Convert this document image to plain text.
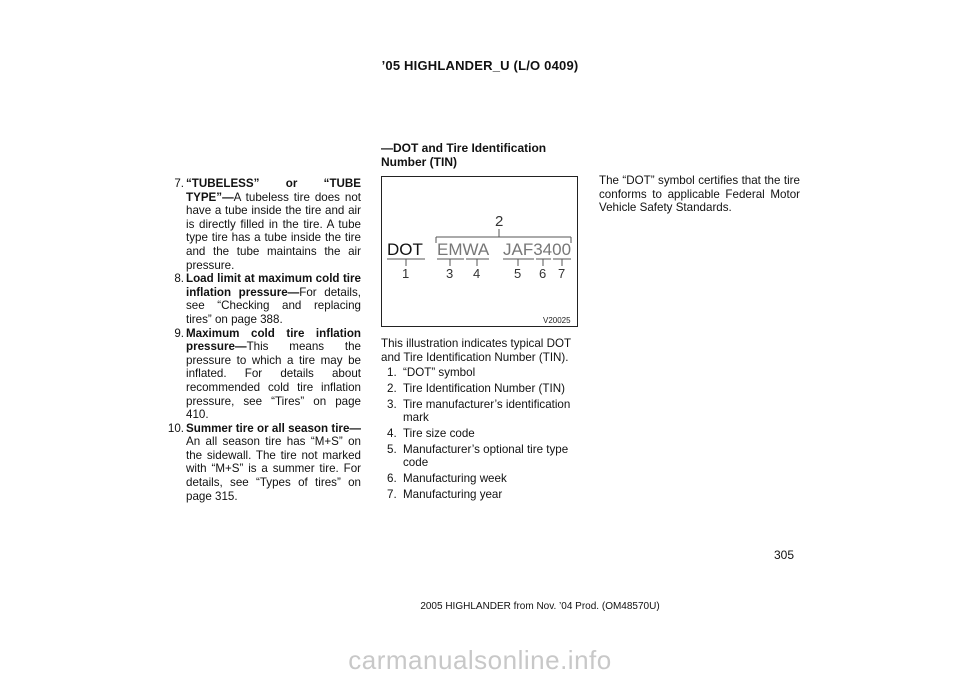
’05 HIGHLANDER_U (L/O 0409)
7. “TUBELESS” or “TUBE TYPE”—A tubeless tire does not have a tube inside the tire and air is directly filled in the tire. A tube type tire has a tube inside the tire and the tube maintains the air pressure.
8. Load limit at maximum cold tire inflation pressure—For details, see “Checking and replacing tires” on page 388.
9. Maximum cold tire inflation pressure—This means the pressure to which a tire may be inflated. For details about recommended cold tire inflation pressure, see “Tires” on page 410.
10. Summer tire or all season tire—An all season tire has “M+S” on the sidewall. The tire not marked with “M+S” is a summer tire. For details, see “Types of tires” on page 315.
—DOT and Tire Identification Number (TIN)
2
DOT EMWA JAF3400
1	3 4	5 6 7
V20025
This illustration indicates typical DOT and Tire Identification Number (TIN).
1. “DOT” symbol
2. Tire Identification Number (TIN)
3. Tire manufacturer’s identification mark
4. Tire size code
5. Manufacturer’s optional tire type code
6. Manufacturing week
7. Manufacturing year
The “DOT” symbol certifies that the tire conforms to applicable Federal Motor Vehicle Safety Standards.
305
2005 HIGHLANDER from Nov. ’04 Prod. (OM48570U)
carmanualsonline.info
